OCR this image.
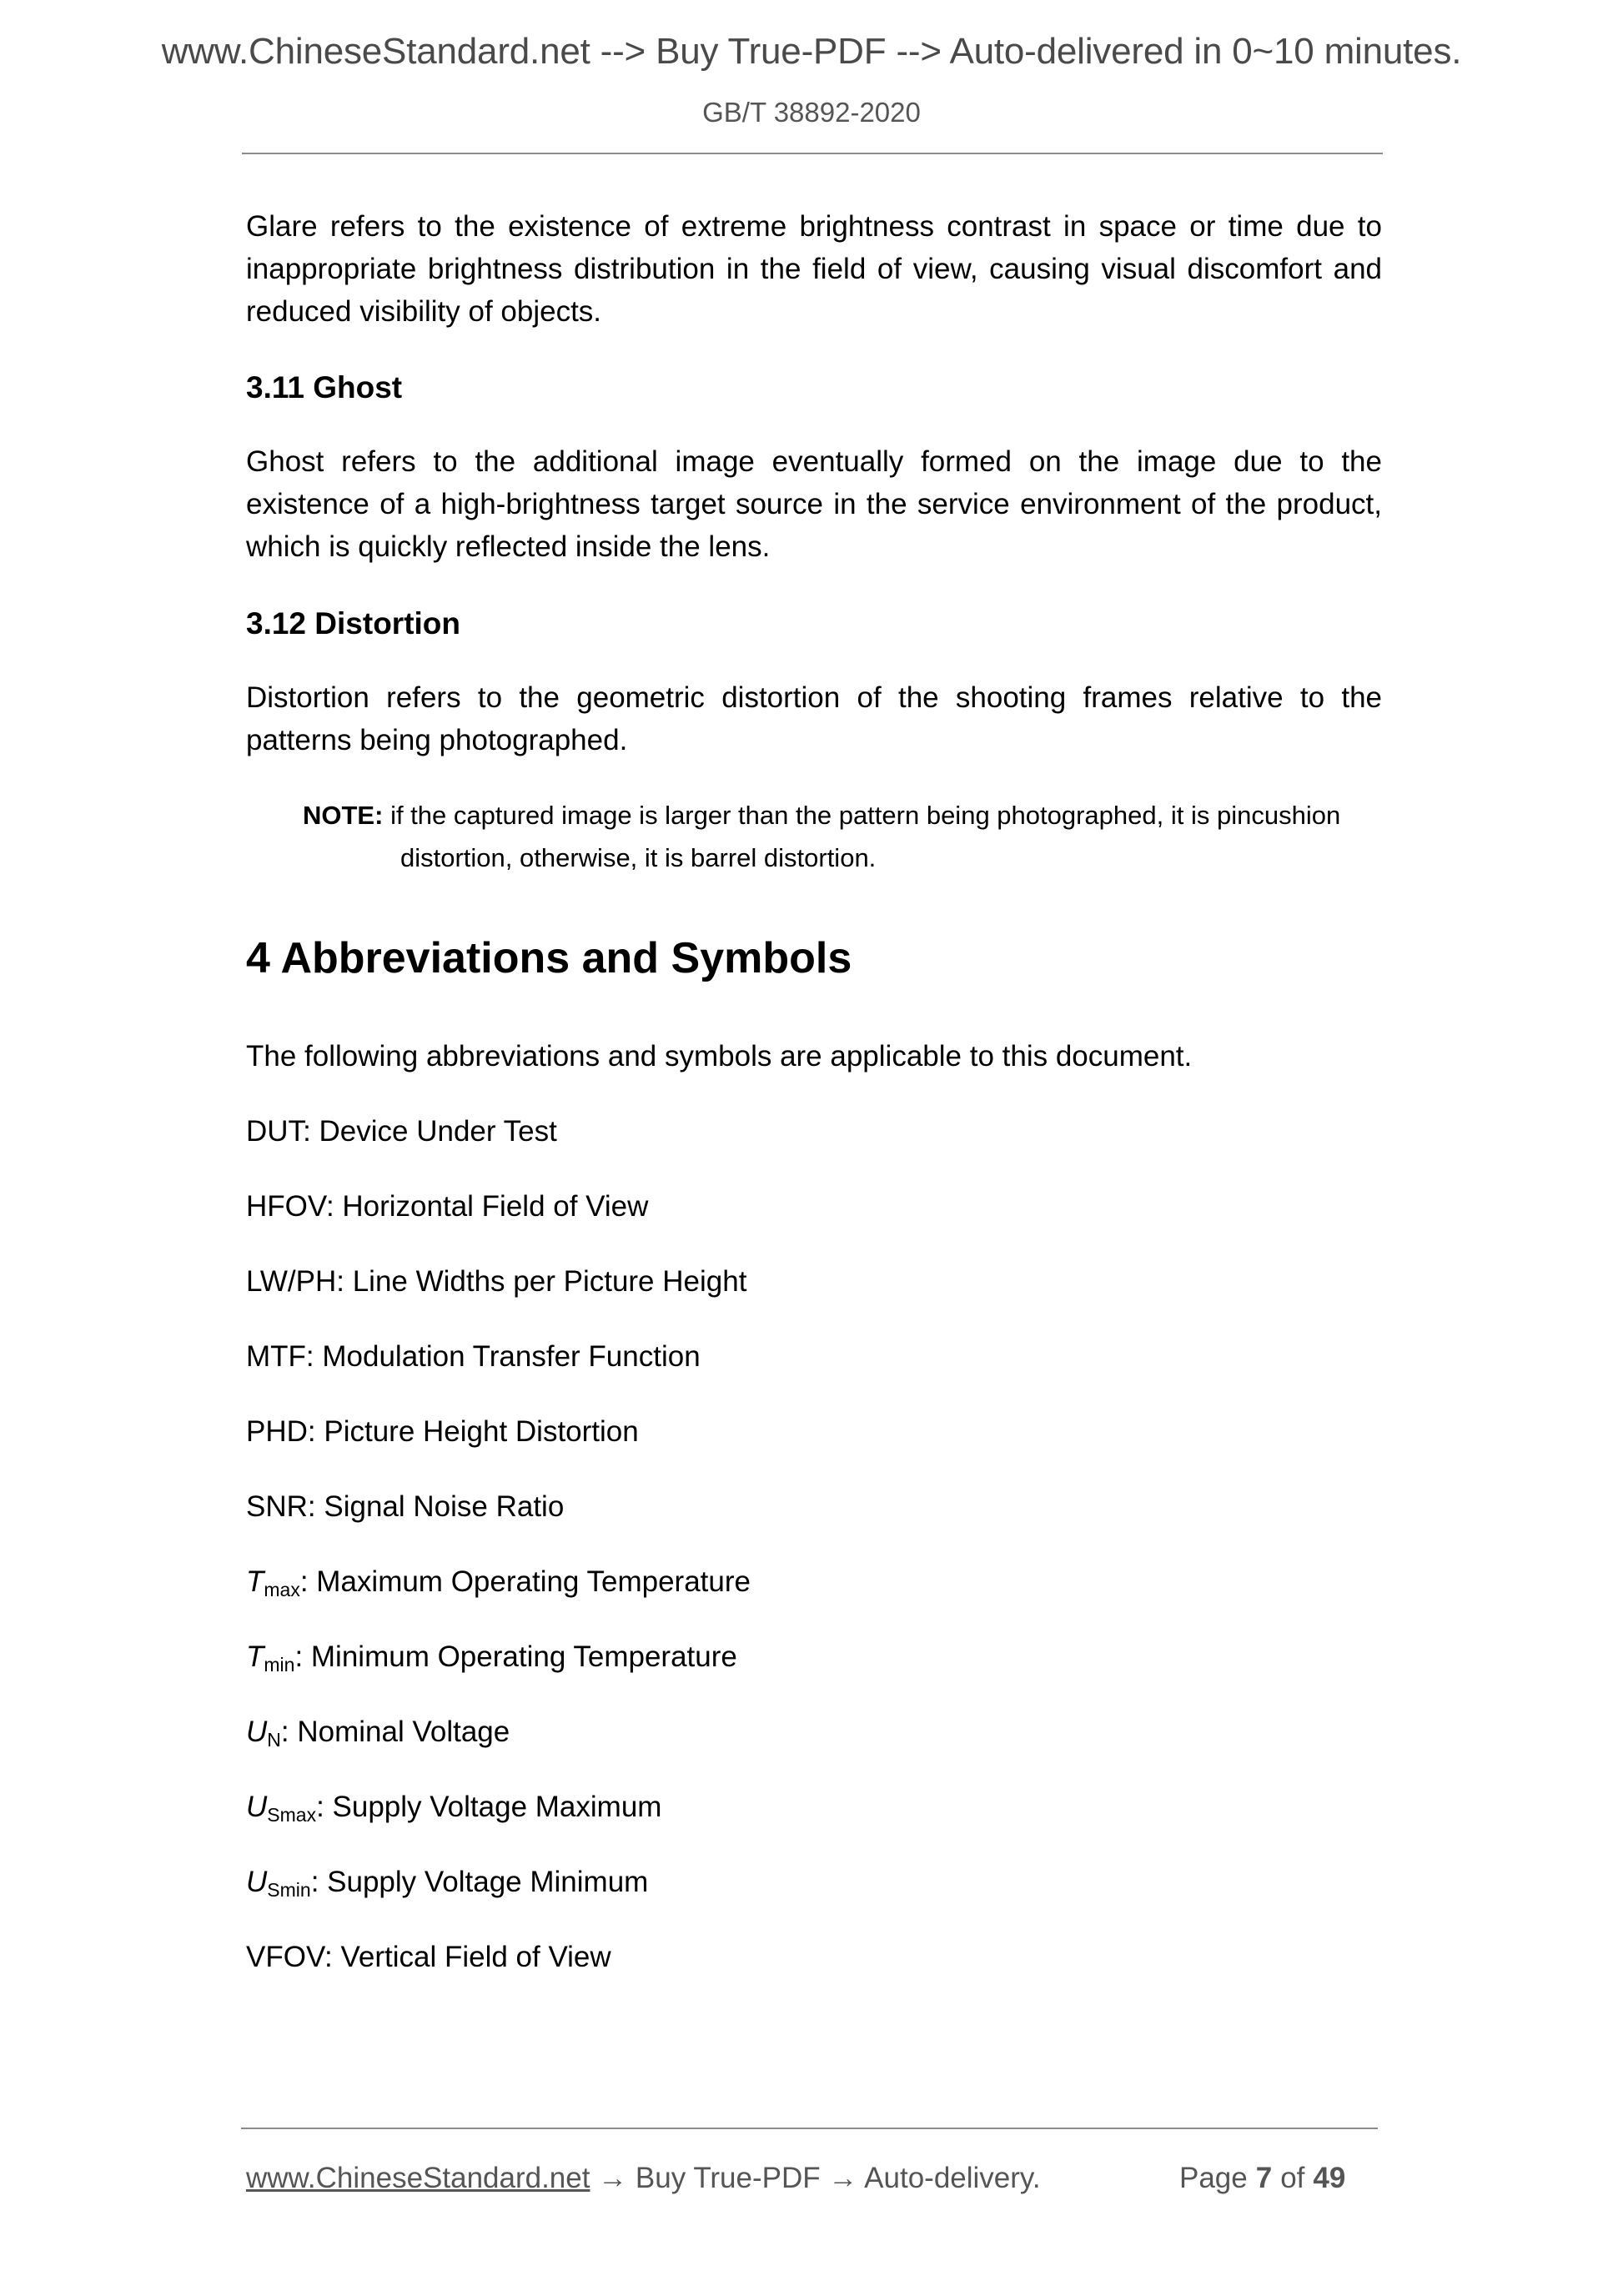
www.ChineseStandard.net --> Buy True-PDF --> Auto-delivered in 0~10 minutes.
GB/T 38892-2020
Glare refers to the existence of extreme brightness contrast in space or time due to inappropriate brightness distribution in the field of view, causing visual discomfort and reduced visibility of objects.
3.11 Ghost
Ghost refers to the additional image eventually formed on the image due to the existence of a high-brightness target source in the service environment of the product, which is quickly reflected inside the lens.
3.12 Distortion
Distortion refers to the geometric distortion of the shooting frames relative to the patterns being photographed.
NOTE: if the captured image is larger than the pattern being photographed, it is pincushion
distortion, otherwise, it is barrel distortion.
4 Abbreviations and Symbols
The following abbreviations and symbols are applicable to this document.
DUT: Device Under Test
HFOV: Horizontal Field of View
LW/PH: Line Widths per Picture Height
MTF: Modulation Transfer Function
PHD: Picture Height Distortion
SNR: Signal Noise Ratio
$T_{max}$: Maximum Operating Temperature
$T_{min}$: Minimum Operating Temperature
$U_N$: Nominal Voltage
$U_{Smax}$: Supply Voltage Maximum
$U_{Smin}$: Supply Voltage Minimum
VFOV: Vertical Field of View
www.ChineseStandard.net → Buy True-PDF → Auto-delivery.	Page 7 of 49
